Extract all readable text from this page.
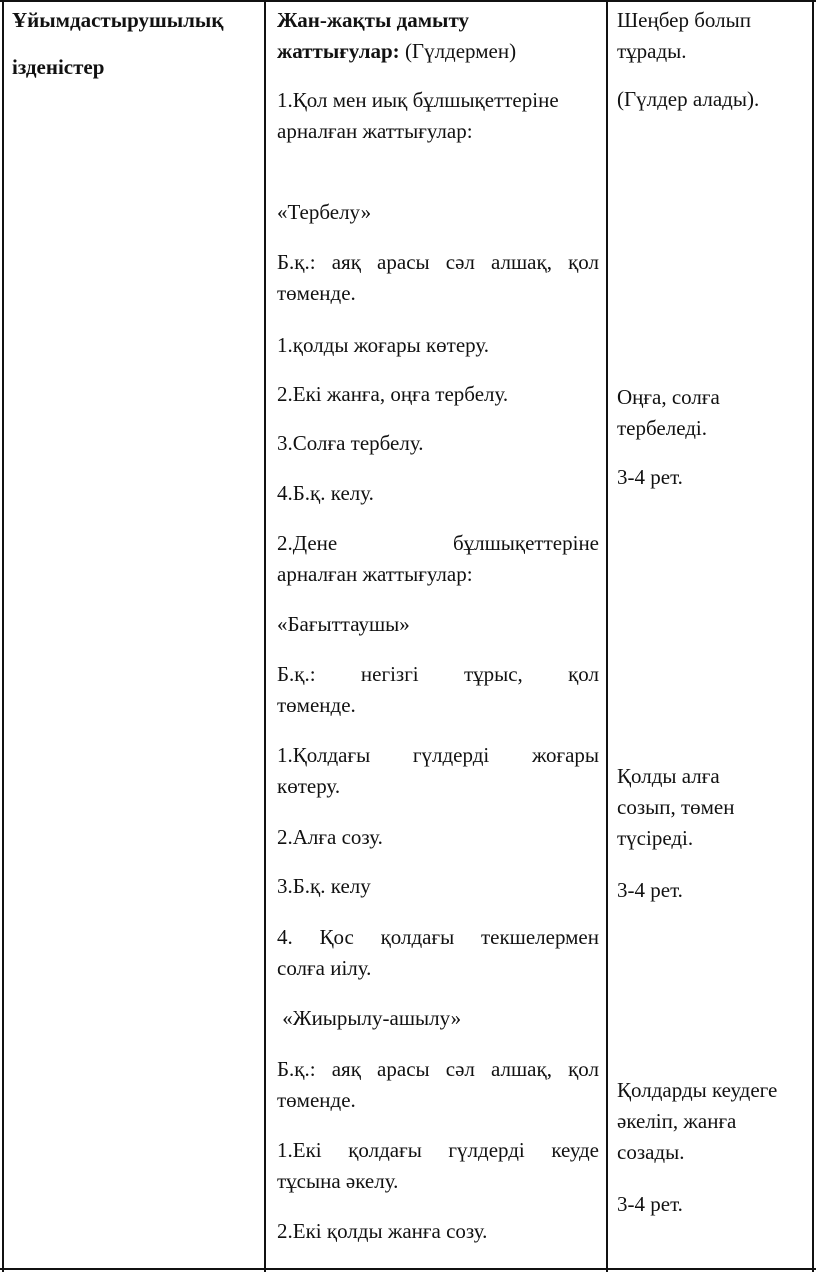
Ұйымдастырушылық

ізденістер

Жан-жақты дамыту жаттығулар: (Гүлдермен)

1.Қол мен иық бұлшықеттеріне арналған жаттығулар:

«Тербелу»

Б.қ.: аяқ арасы сәл алшақ, қол төменде.

1.қолды жоғары көтеру.

2.Екі жанға, оңға тербелу.

3.Солға тербелу.

4.Б.қ. келу.

2.Дене бұлшықеттеріне

арналған жаттығулар:

«Бағыттаушы»

Б.қ.: негізгі тұрыс, қол

төменде.

1.Қолдағы гүлдерді жоғары

көтеру.

2.Алға созу.

3.Б.қ. келу

4. Қос қолдағы текшелермен

солға иілу.

«Жиырылу-ашылу»

Б.қ.: аяқ арасы сәл алшақ, қол

төменде.

1.Екі қолдағы гүлдерді кеуде

тұсына әкелу.

2.Екі қолды жанға созу.

Шеңбер болып тұрады.

(Гүлдер алады).

Оңға, солға тербеледі.

3-4 рет.

Қолды алға созып, төмен түсіреді.

3-4 рет.

Қолдарды кеудеге әкеліп, жанға созады.

3-4 рет.
